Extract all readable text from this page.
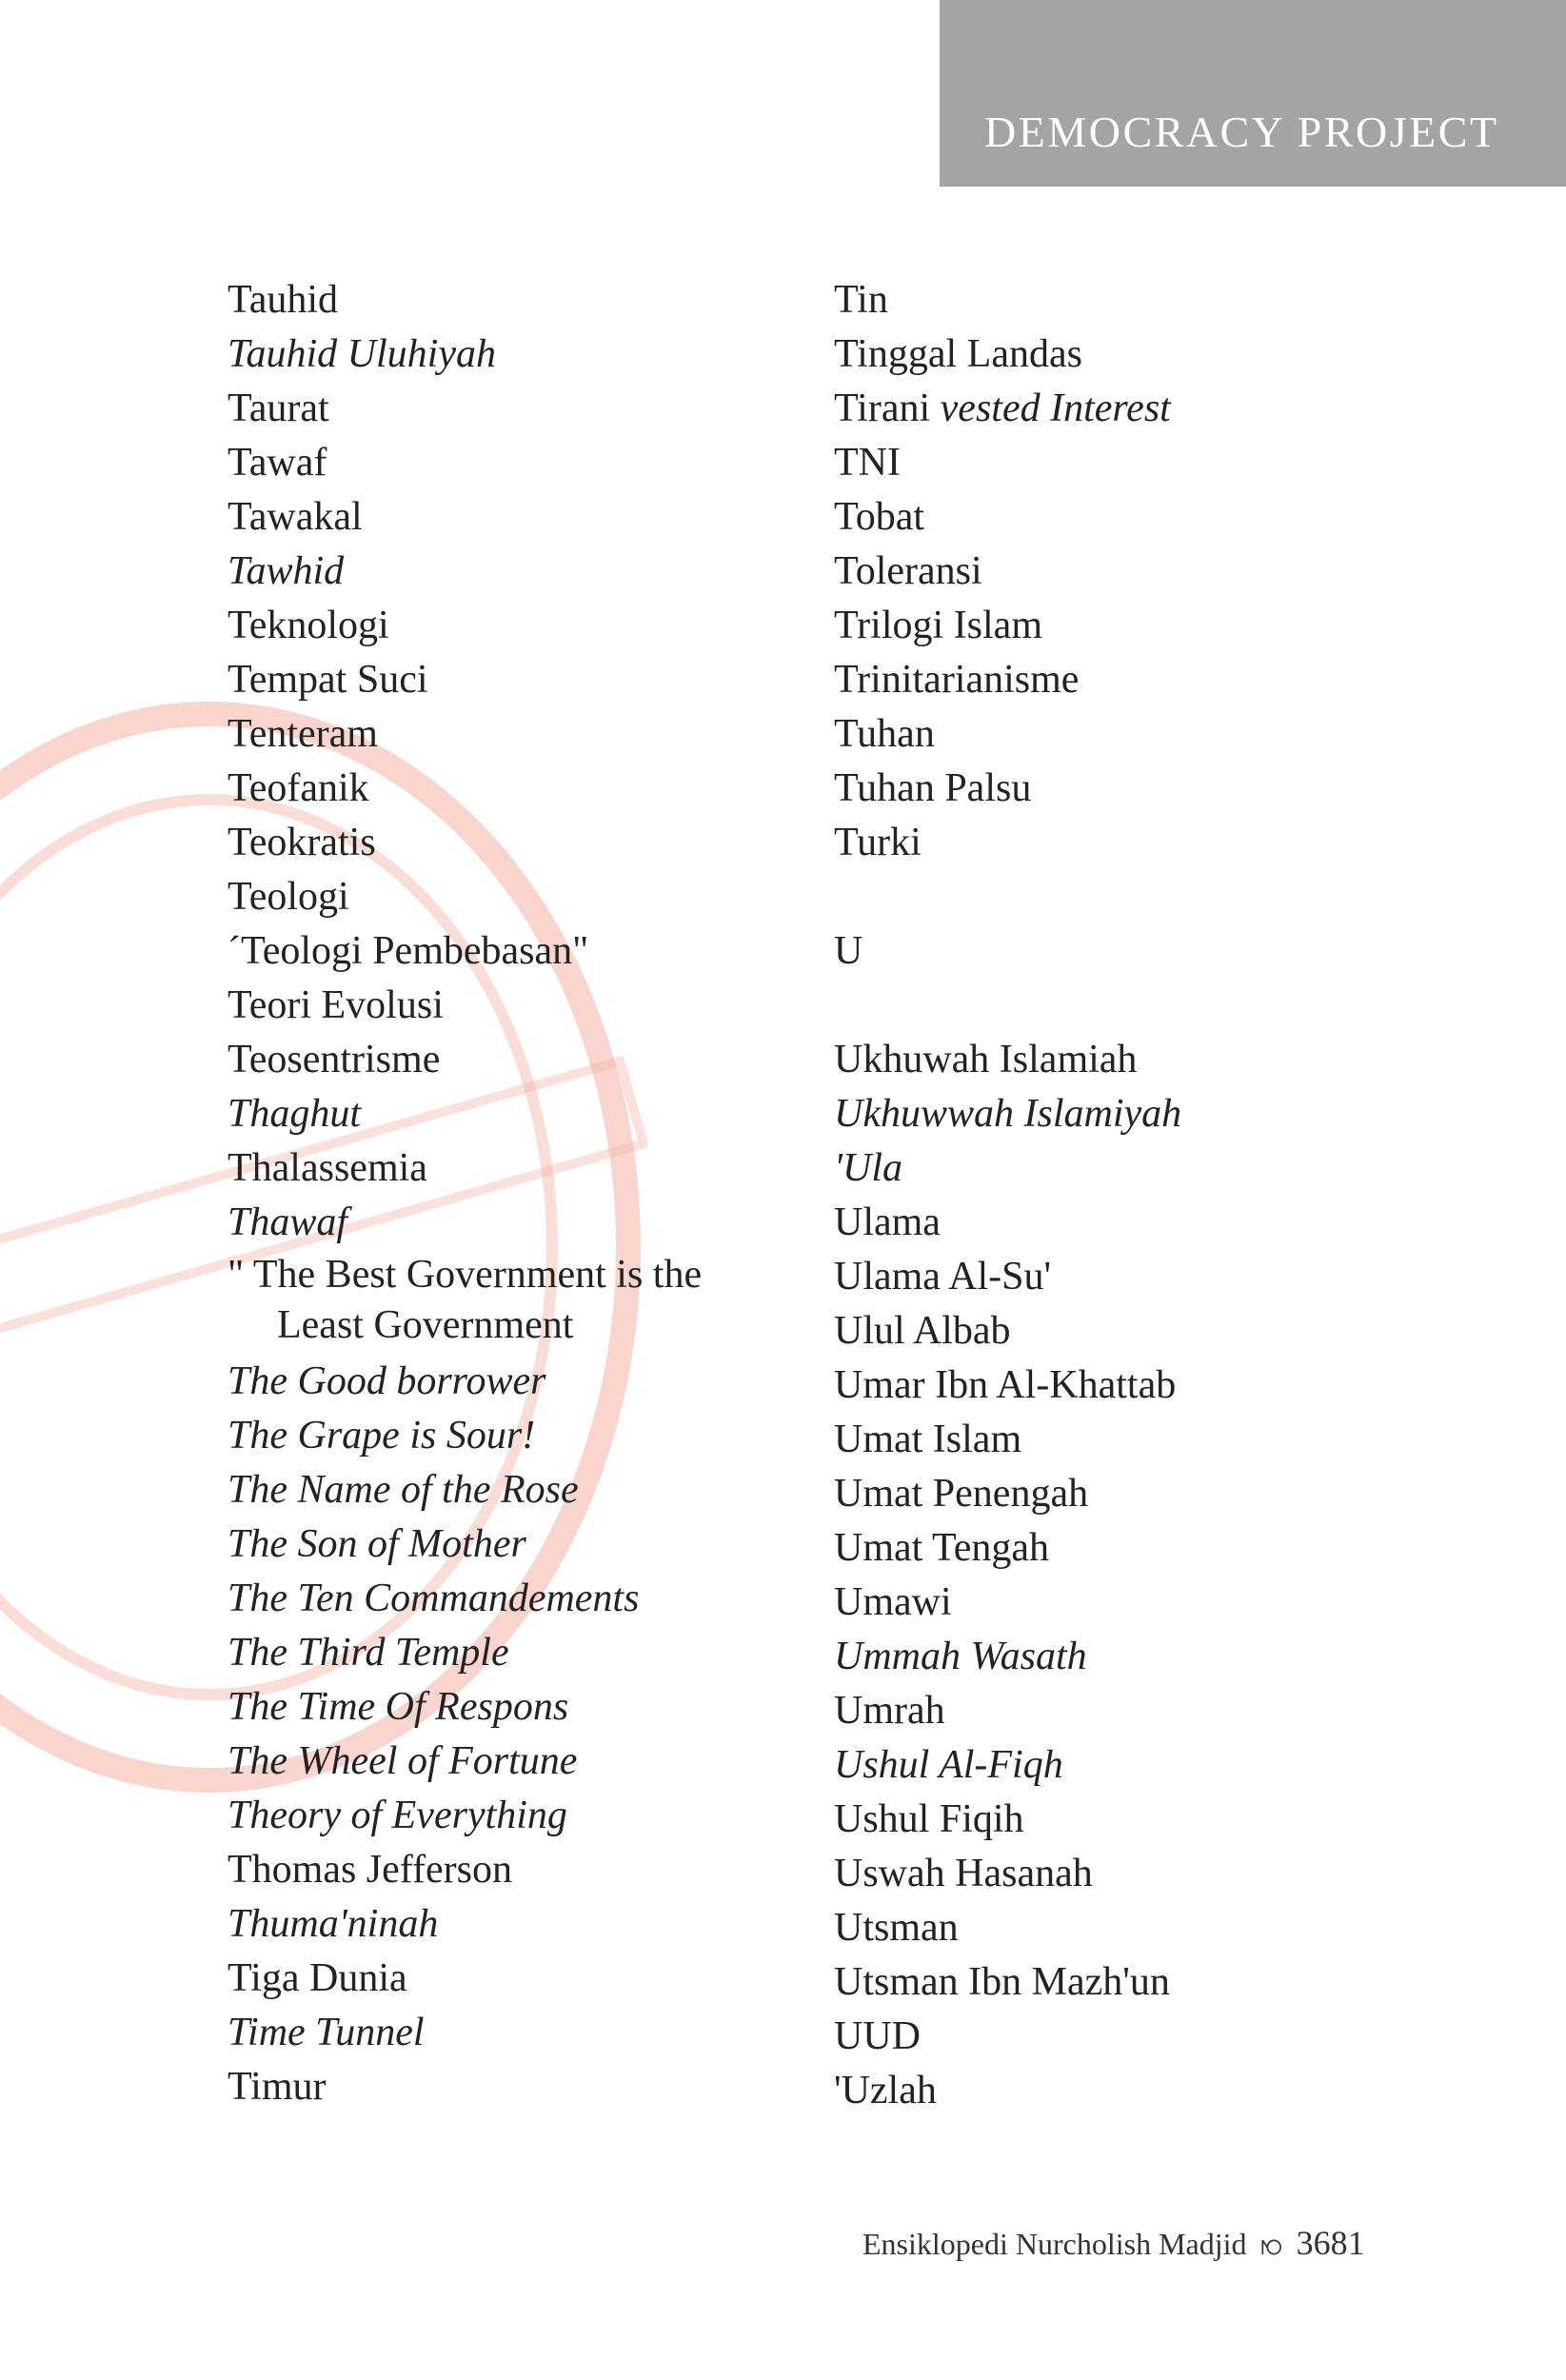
DEMOCRACY PROJECT
Tauhid
Tauhid Uluhiyah
Taurat
Tawaf
Tawakal
Tawhid
Teknologi
Tempat Suci
Tenteram
Teofanik
Teokratis
Teologi
´Teologi Pembebasan"
Teori Evolusi
Teosentrisme
Thaghut
Thalassemia
Thawaf
" The Best Government is the
Least Government
The Good borrower
The Grape is Sour!
The Name of the Rose
The Son of Mother
The Ten Commandements
The Third Temple
The Time Of Respons
The Wheel of Fortune
Theory of Everything
Thomas Jefferson
Thuma'ninah
Tiga Dunia
Time Tunnel
Timur
Tin
Tinggal Landas
Tirani vested Interest
TNI
Tobat
Toleransi
Trilogi Islam
Trinitarianisme
Tuhan
Tuhan Palsu
Turki
U
Ukhuwah Islamiah
Ukhuwwah Islamiyah
'Ula
Ulama
Ulama Al-Su'
Ulul Albab
Umar Ibn Al-Khattab
Umat Islam
Umat Penengah
Umat Tengah
Umawi
Ummah Wasath
Umrah
Ushul Al-Fiqh
Ushul Fiqih
Uswah Hasanah
Utsman
Utsman Ibn Mazh'un
UUD
'Uzlah
Ensiklopedi Nurcholish Madjid ꩯ 3681
